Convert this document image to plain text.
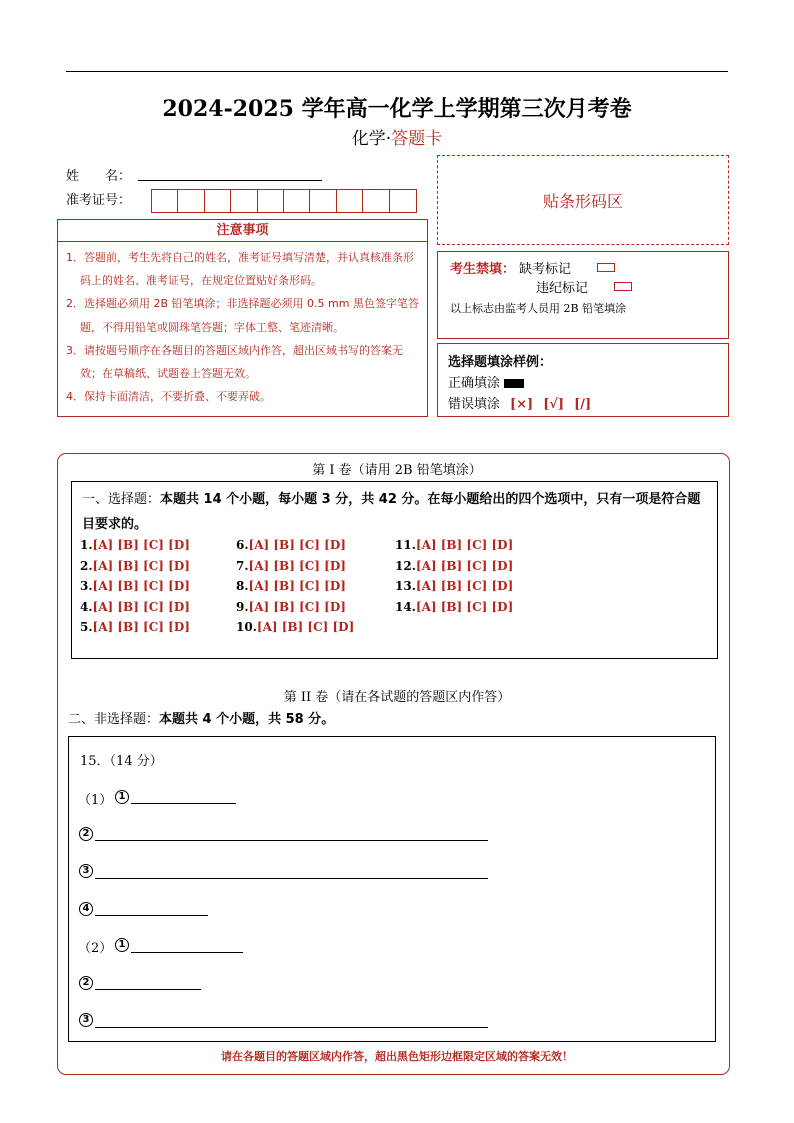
2024-2025 学年高一化学上学期第三次月考卷
化学·答题卡
姓　　名：
准考证号：	贴条形码区
注意事项

1．答题前，考生先将自己的姓名，准考证号填写清楚，并认真核准条形码上的姓名、准考证号，在规定位置贴好条形码。

2．选择题必须用 2B 铅笔填涂；非选择题必须用 0.5 mm 黑色签字笔答题，不得用铅笔或圆珠笔答题；字体工整、笔迹清晰。

3．请按题号顺序在各题目的答题区域内作答，超出区域书写的答案无效；在草稿纸、试题卷上答题无效。

4．保持卡面清洁，不要折叠、不要弄破。

考生禁填： 缺考标记
违纪标记
以上标志由监考人员用 2B 铅笔填涂
选择题填涂样例：
正确填涂
错误填涂 [×] [√] [/]
第 I 卷（请用 2B 铅笔填涂）
一、选择题：本题共 14 个小题，每小题 3 分，共 42 分。在每小题给出的四个选项中，只有一项是符合题目要求的。
1.[A] [B] [C] [D]
2.[A] [B] [C] [D]
3.[A] [B] [C] [D]
4.[A] [B] [C] [D]
5.[A] [B] [C] [D]
6.[A] [B] [C] [D]
7.[A] [B] [C] [D]
8.[A] [B] [C] [D]
9.[A] [B] [C] [D]
10.[A] [B] [C] [D]
11.[A] [B] [C] [D]
12.[A] [B] [C] [D]
13.[A] [B] [C] [D]
14.[A] [B] [C] [D]
第 II 卷（请在各试题的答题区内作答）
二、非选择题：本题共 4 个小题，共 58 分。
15．（14 分）
（1） 1
2
3
4
（2） 1
2
3
请在各题目的答题区域内作答，超出黑色矩形边框限定区域的答案无效！
